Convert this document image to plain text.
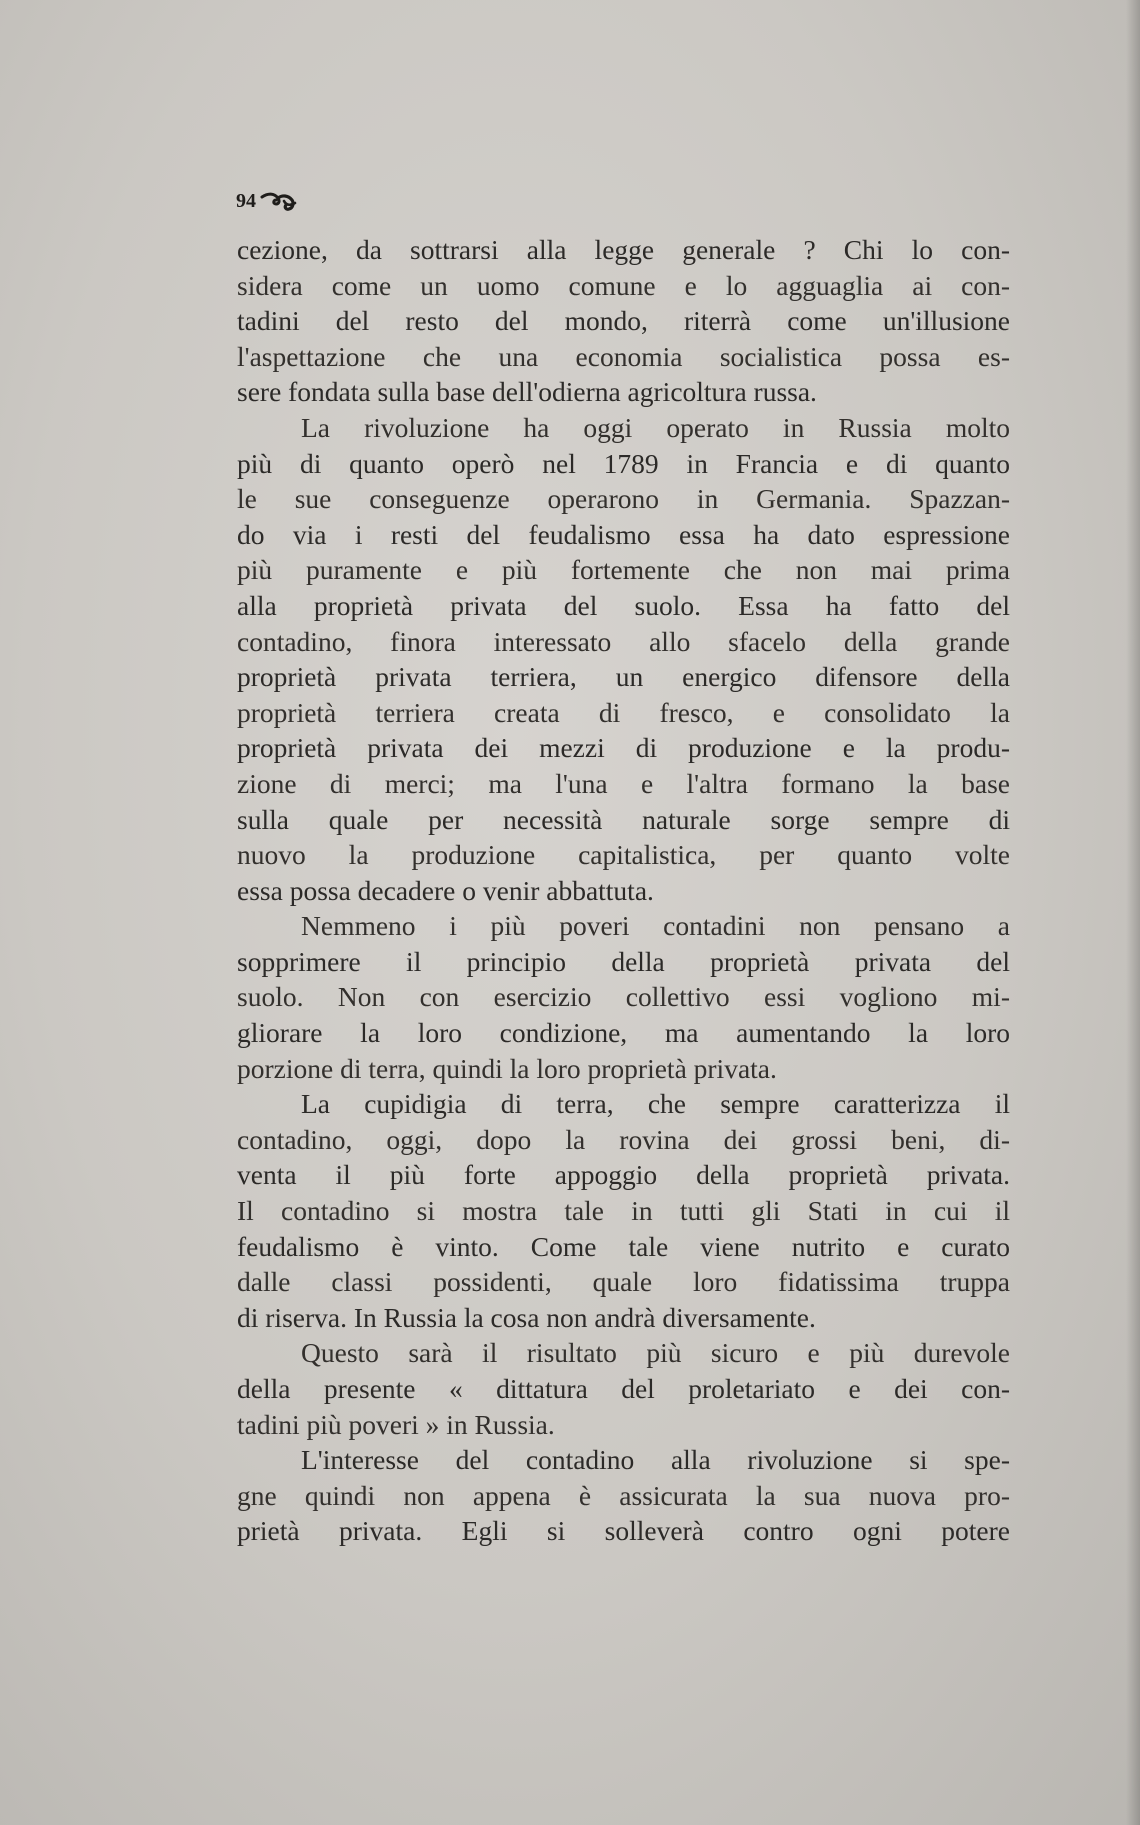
94
cezione, da sottrarsi alla legge generale ? Chi lo con-
sidera come un uomo comune e lo agguaglia ai con-
tadini del resto del mondo, riterrà come un'illusione
l'aspettazione che una economia socialistica possa es-
sere fondata sulla base dell'odierna agricoltura russa.
La rivoluzione ha oggi operato in Russia molto
più di quanto operò nel 1789 in Francia e di quanto
le sue conseguenze operarono in Germania. Spazzan-
do via i resti del feudalismo essa ha dato espressione
più puramente e più fortemente che non mai prima
alla proprietà privata del suolo. Essa ha fatto del
contadino, finora interessato allo sfacelo della grande
proprietà privata terriera, un energico difensore della
proprietà terriera creata di fresco, e consolidato la
proprietà privata dei mezzi di produzione e la produ-
zione di merci; ma l'una e l'altra formano la base
sulla quale per necessità naturale sorge sempre di
nuovo la produzione capitalistica, per quanto volte
essa possa decadere o venir abbattuta.
Nemmeno i più poveri contadini non pensano a
sopprimere il principio della proprietà privata del
suolo. Non con esercizio collettivo essi vogliono mi-
gliorare la loro condizione, ma aumentando la loro
porzione di terra, quindi la loro proprietà privata.
La cupidigia di terra, che sempre caratterizza il
contadino, oggi, dopo la rovina dei grossi beni, di-
venta il più forte appoggio della proprietà privata.
Il contadino si mostra tale in tutti gli Stati in cui il
feudalismo è vinto. Come tale viene nutrito e curato
dalle classi possidenti, quale loro fidatissima truppa
di riserva. In Russia la cosa non andrà diversamente.
Questo sarà il risultato più sicuro e più durevole
della presente « dittatura del proletariato e dei con-
tadini più poveri » in Russia.
L'interesse del contadino alla rivoluzione si spe-
gne quindi non appena è assicurata la sua nuova pro-
prietà privata. Egli si solleverà contro ogni potere
